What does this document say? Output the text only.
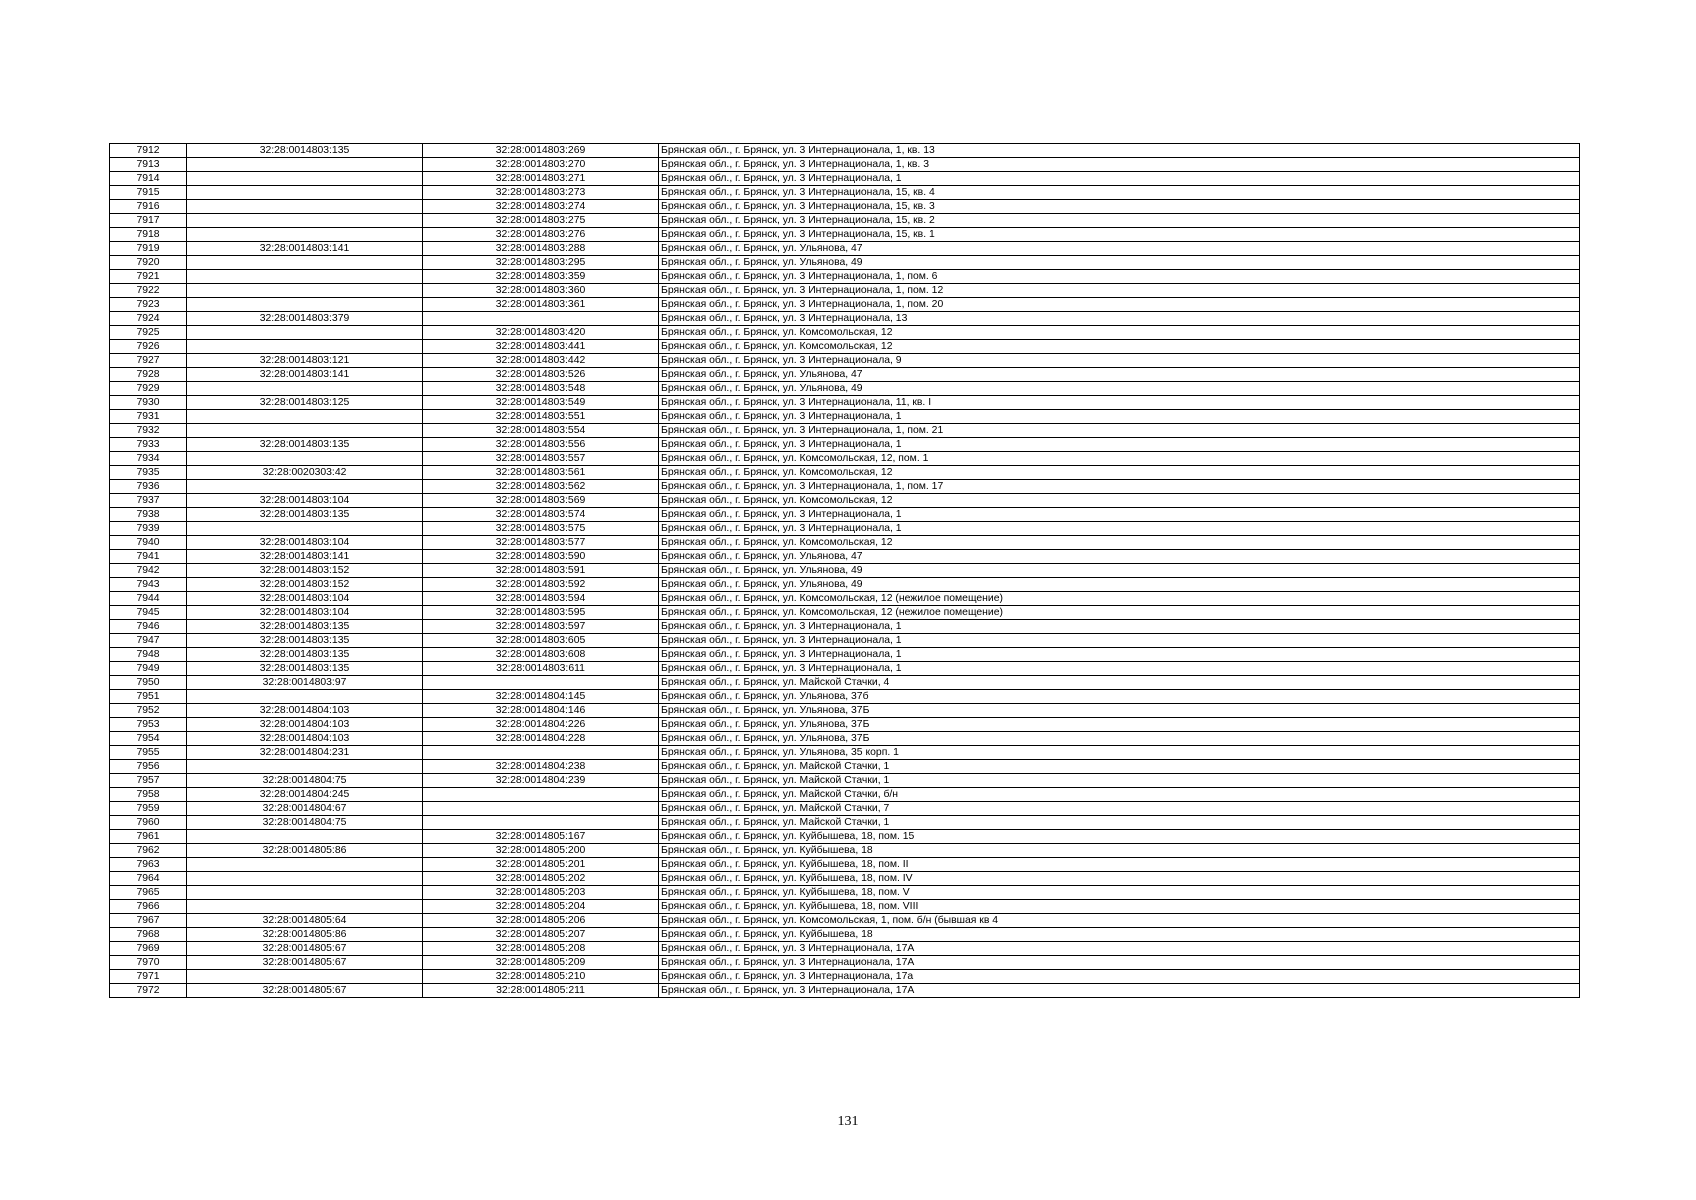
7912	32:28:0014803:135	32:28:0014803:269	Брянская обл., г. Брянск, ул. 3 Интернационала, 1, кв. 13
7913		32:28:0014803:270	Брянская обл., г. Брянск, ул. 3 Интернационала, 1, кв. 3
7914		32:28:0014803:271	Брянская обл., г. Брянск, ул. 3 Интернационала, 1
7915		32:28:0014803:273	Брянская обл., г. Брянск, ул. 3 Интернационала, 15, кв. 4
7916		32:28:0014803:274	Брянская обл., г. Брянск, ул. 3 Интернационала, 15, кв. 3
7917		32:28:0014803:275	Брянская обл., г. Брянск, ул. 3 Интернационала, 15, кв. 2
7918		32:28:0014803:276	Брянская обл., г. Брянск, ул. 3 Интернационала, 15, кв. 1
7919	32:28:0014803:141	32:28:0014803:288	Брянская обл., г. Брянск, ул. Ульянова, 47
7920		32:28:0014803:295	Брянская обл., г. Брянск, ул. Ульянова, 49
7921		32:28:0014803:359	Брянская обл., г. Брянск, ул. 3 Интернационала, 1, пом. 6
7922		32:28:0014803:360	Брянская обл., г. Брянск, ул. 3 Интернационала, 1, пом. 12
7923		32:28:0014803:361	Брянская обл., г. Брянск, ул. 3 Интернационала, 1, пом. 20
7924	32:28:0014803:379		Брянская обл., г. Брянск, ул. 3 Интернационала, 13
7925		32:28:0014803:420	Брянская обл., г. Брянск, ул. Комсомольская, 12
7926		32:28:0014803:441	Брянская обл., г. Брянск, ул. Комсомольская, 12
7927	32:28:0014803:121	32:28:0014803:442	Брянская обл., г. Брянск, ул. 3 Интернационала, 9
7928	32:28:0014803:141	32:28:0014803:526	Брянская обл., г. Брянск, ул. Ульянова, 47
7929		32:28:0014803:548	Брянская обл., г. Брянск, ул. Ульянова, 49
7930	32:28:0014803:125	32:28:0014803:549	Брянская обл., г. Брянск, ул. 3 Интернационала, 11, кв. I
7931		32:28:0014803:551	Брянская обл., г. Брянск, ул. 3 Интернационала, 1
7932		32:28:0014803:554	Брянская обл., г. Брянск, ул. 3 Интернационала, 1, пом. 21
7933	32:28:0014803:135	32:28:0014803:556	Брянская обл., г. Брянск, ул. 3 Интернационала, 1
7934		32:28:0014803:557	Брянская обл., г. Брянск, ул. Комсомольская, 12, пом. 1
7935	32:28:0020303:42	32:28:0014803:561	Брянская обл., г. Брянск, ул. Комсомольская, 12
7936		32:28:0014803:562	Брянская обл., г. Брянск, ул. 3 Интернационала, 1, пом. 17
7937	32:28:0014803:104	32:28:0014803:569	Брянская обл., г. Брянск, ул. Комсомольская, 12
7938	32:28:0014803:135	32:28:0014803:574	Брянская обл., г. Брянск, ул. 3 Интернационала, 1
7939		32:28:0014803:575	Брянская обл., г. Брянск, ул. 3 Интернационала, 1
7940	32:28:0014803:104	32:28:0014803:577	Брянская обл., г. Брянск, ул. Комсомольская, 12
7941	32:28:0014803:141	32:28:0014803:590	Брянская обл., г. Брянск, ул. Ульянова, 47
7942	32:28:0014803:152	32:28:0014803:591	Брянская обл., г. Брянск, ул. Ульянова, 49
7943	32:28:0014803:152	32:28:0014803:592	Брянская обл., г. Брянск, ул. Ульянова, 49
7944	32:28:0014803:104	32:28:0014803:594	Брянская обл., г. Брянск, ул. Комсомольская, 12 (нежилое помещение)
7945	32:28:0014803:104	32:28:0014803:595	Брянская обл., г. Брянск, ул. Комсомольская, 12 (нежилое помещение)
7946	32:28:0014803:135	32:28:0014803:597	Брянская обл., г. Брянск, ул. 3 Интернационала, 1
7947	32:28:0014803:135	32:28:0014803:605	Брянская обл., г. Брянск, ул. 3 Интернационала, 1
7948	32:28:0014803:135	32:28:0014803:608	Брянская обл., г. Брянск, ул. 3 Интернационала, 1
7949	32:28:0014803:135	32:28:0014803:611	Брянская обл., г. Брянск, ул. 3 Интернационала, 1
7950	32:28:0014803:97		Брянская обл., г. Брянск, ул. Майской Стачки, 4
7951		32:28:0014804:145	Брянская обл., г. Брянск, ул. Ульянова, 37б
7952	32:28:0014804:103	32:28:0014804:146	Брянская обл., г. Брянск, ул. Ульянова, 37Б
7953	32:28:0014804:103	32:28:0014804:226	Брянская обл., г. Брянск, ул. Ульянова, 37Б
7954	32:28:0014804:103	32:28:0014804:228	Брянская обл., г. Брянск, ул. Ульянова, 37Б
7955	32:28:0014804:231		Брянская обл., г. Брянск, ул. Ульянова, 35 корп. 1
7956		32:28:0014804:238	Брянская обл., г. Брянск, ул. Майской Стачки, 1
7957	32:28:0014804:75	32:28:0014804:239	Брянская обл., г. Брянск, ул. Майской Стачки, 1
7958	32:28:0014804:245		Брянская обл., г. Брянск, ул. Майской Стачки, б/н
7959	32:28:0014804:67		Брянская обл., г. Брянск, ул. Майской Стачки, 7
7960	32:28:0014804:75		Брянская обл., г. Брянск, ул. Майской Стачки, 1
7961		32:28:0014805:167	Брянская обл., г. Брянск, ул. Куйбышева, 18, пом. 15
7962	32:28:0014805:86	32:28:0014805:200	Брянская обл., г. Брянск, ул. Куйбышева, 18
7963		32:28:0014805:201	Брянская обл., г. Брянск, ул. Куйбышева, 18, пом. II
7964		32:28:0014805:202	Брянская обл., г. Брянск, ул. Куйбышева, 18, пом. IV
7965		32:28:0014805:203	Брянская обл., г. Брянск, ул. Куйбышева, 18, пом. V
7966		32:28:0014805:204	Брянская обл., г. Брянск, ул. Куйбышева, 18, пом. VIII
7967	32:28:0014805:64	32:28:0014805:206	Брянская обл., г. Брянск, ул. Комсомольская, 1, пом. б/н (бывшая кв 4
7968	32:28:0014805:86	32:28:0014805:207	Брянская обл., г. Брянск, ул. Куйбышева, 18
7969	32:28:0014805:67	32:28:0014805:208	Брянская обл., г. Брянск, ул. 3 Интернационала, 17А
7970	32:28:0014805:67	32:28:0014805:209	Брянская обл., г. Брянск, ул. 3 Интернационала, 17А
7971		32:28:0014805:210	Брянская обл., г. Брянск, ул. 3 Интернационала, 17а
7972	32:28:0014805:67	32:28:0014805:211	Брянская обл., г. Брянск, ул. 3 Интернационала, 17А
131
